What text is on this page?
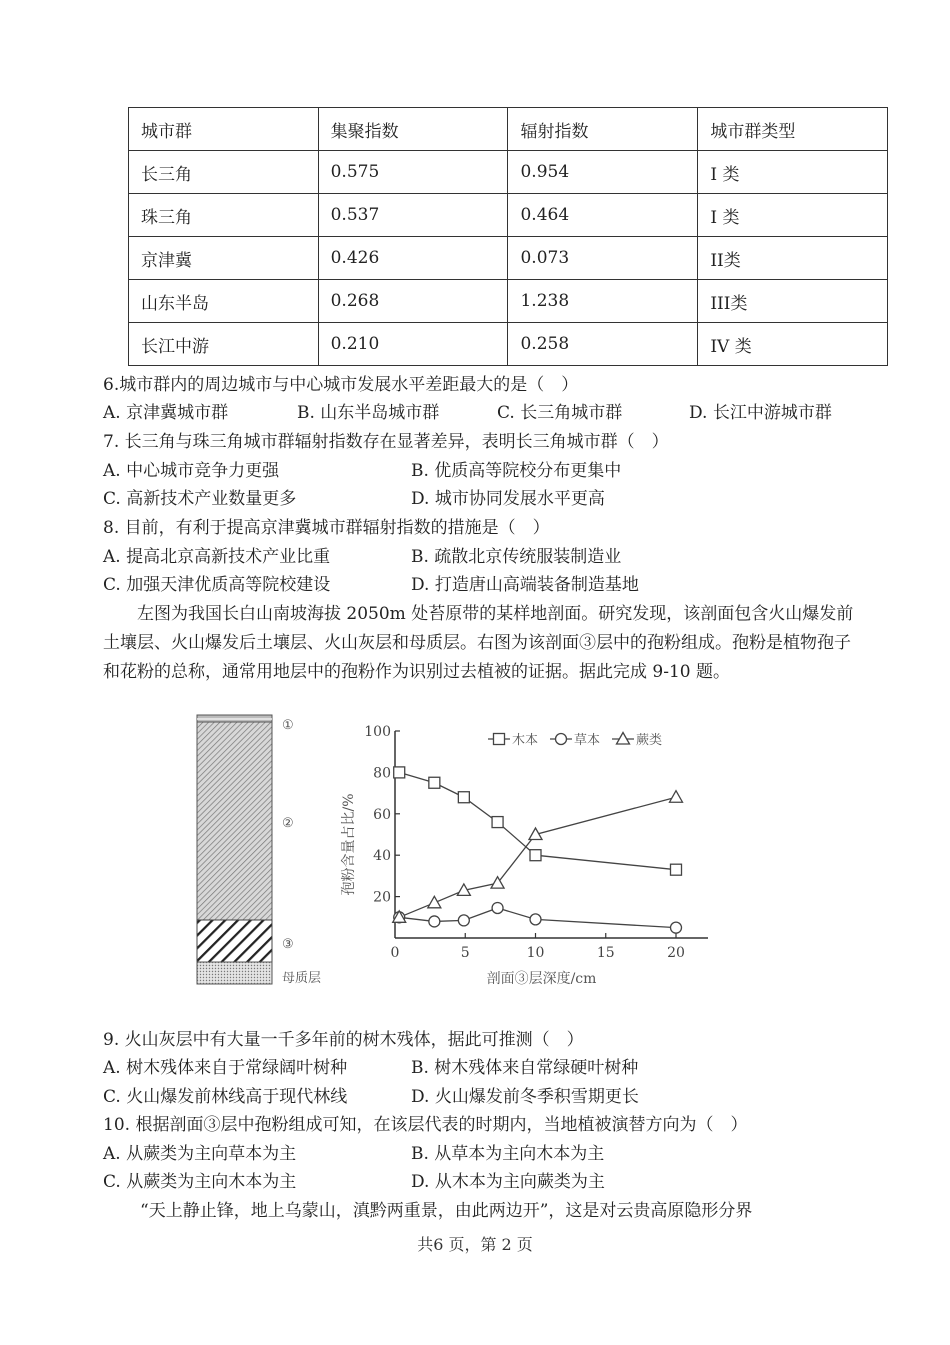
城市群	集聚指数	辐射指数	城市群类型
长三角	0.575	0.954	I 类
珠三角	0.537	0.464	I 类
京津冀	0.426	0.073	II类
山东半岛	0.268	1.238	III类
长江中游	0.210	0.258	IV 类
6.城市群内的周边城市与中心城市发展水平差距最大的是（　）
A. 京津冀城市群	B. 山东半岛城市群	C. 长三角城市群	D. 长江中游城市群
7. 长三角与珠三角城市群辐射指数存在显著差异，表明长三角城市群（　）
A. 中心城市竞争力更强	B. 优质高等院校分布更集中
C. 高新技术产业数量更多	D. 城市协同发展水平更高
8. 目前，有利于提高京津冀城市群辐射指数的措施是（　）
A. 提高北京高新技术产业比重	B. 疏散北京传统服装制造业
C. 加强天津优质高等院校建设	D. 打造唐山高端装备制造基地
左图为我国长白山南坡海拔 2050m 处苔原带的某样地剖面。研究发现，该剖面包含火山爆发前土壤层、火山爆发后土壤层、火山灰层和母质层。右图为该剖面③层中的孢粉组成。孢粉是植物孢子和花粉的总称，通常用地层中的孢粉作为识别过去植被的证据。据此完成 9-10 题。
①
②
③
母质层
20
40
60
80
100
0	5	10	15	20
剖面③层深度/cm
孢粉含量占比/%
木本	草本	蕨类
9. 火山灰层中有大量一千多年前的树木残体，据此可推测（　）
A. 树木残体来自于常绿阔叶树种	B. 树木残体来自常绿硬叶树种
C. 火山爆发前林线高于现代林线	D. 火山爆发前冬季积雪期更长
10. 根据剖面③层中孢粉组成可知，在该层代表的时期内，当地植被演替方向为（　）
A. 从蕨类为主向草本为主	B. 从草本为主向木本为主
C. 从蕨类为主向木本为主	D. 从木本为主向蕨类为主
“天上静止锋，地上乌蒙山，滇黔两重景，由此两边开”，这是对云贵高原隐形分界
共6 页，第 2 页
